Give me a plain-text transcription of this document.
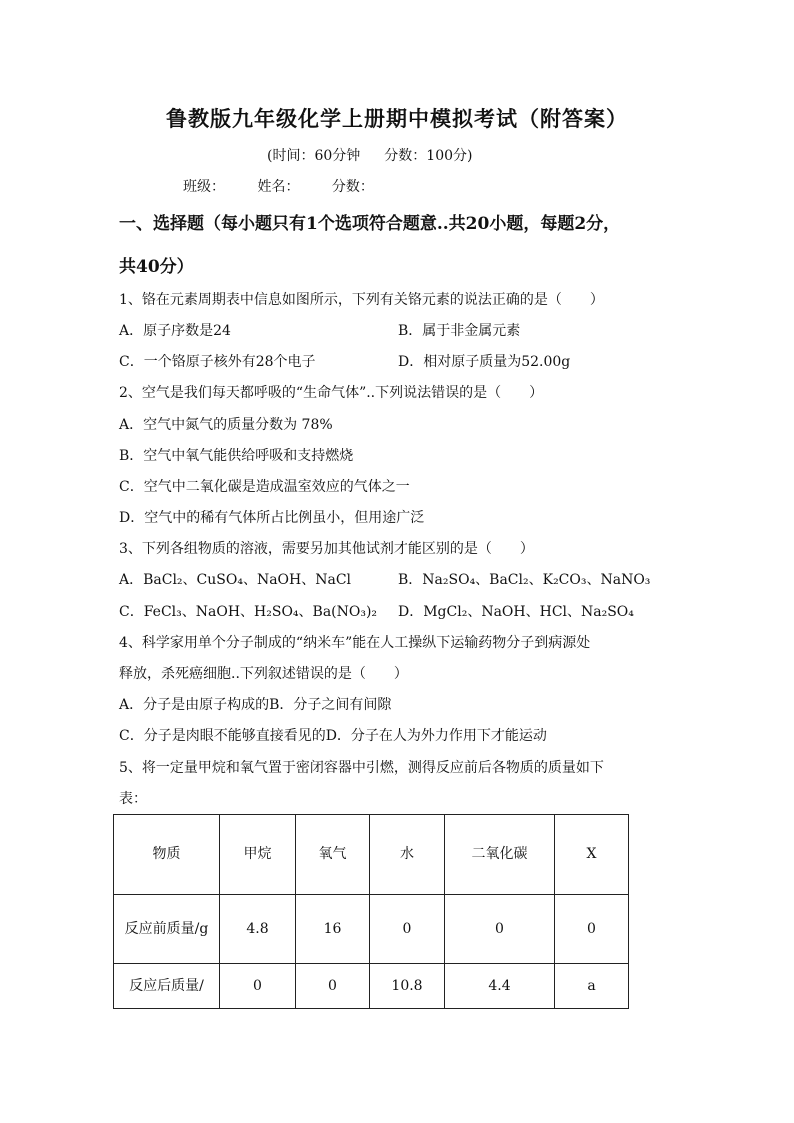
鲁教版九年级化学上册期中模拟考试（附答案）
(时间：60分钟 分数：100分)
班级： 姓名： 分数：
一、选择题（每小题只有1个选项符合题意..共20小题，每题2分，
共40分）
1、铬在元素周期表中信息如图所示，下列有关铬元素的说法正确的是（　　）
A．原子序数是24	B．属于非金属元素
C．一个铬原子核外有28个电子	D．相对原子质量为52.00g
2、空气是我们每天都呼吸的“生命气体”..下列说法错误的是（　　）
A．空气中氮气的质量分数为 78%
B．空气中氧气能供给呼吸和支持燃烧
C．空气中二氧化碳是造成温室效应的气体之一
D．空气中的稀有气体所占比例虽小，但用途广泛
3、下列各组物质的溶液，需要另加其他试剂才能区别的是（　　）
A．BaCl₂、CuSO₄、NaOH、NaCl	B．Na₂SO₄、BaCl₂、K₂CO₃、NaNO₃
C．FeCl₃、NaOH、H₂SO₄、Ba(NO₃)₂ D．MgCl₂、NaOH、HCl、Na₂SO₄
4、科学家用单个分子制成的“纳米车”能在人工操纵下运输药物分子到病源处
释放，杀死癌细胞..下列叙述错误的是（　　）
A．分子是由原子构成的B．分子之间有间隙
C．分子是肉眼不能够直接看见的D．分子在人为外力作用下才能运动
5、将一定量甲烷和氧气置于密闭容器中引燃，测得反应前后各物质的质量如下
表：
物质	甲烷	氧气	水	二氧化碳	X
反应前质量/g	4.8	16	0	0	0
反应后质量/	0	0	10.8	4.4	a
